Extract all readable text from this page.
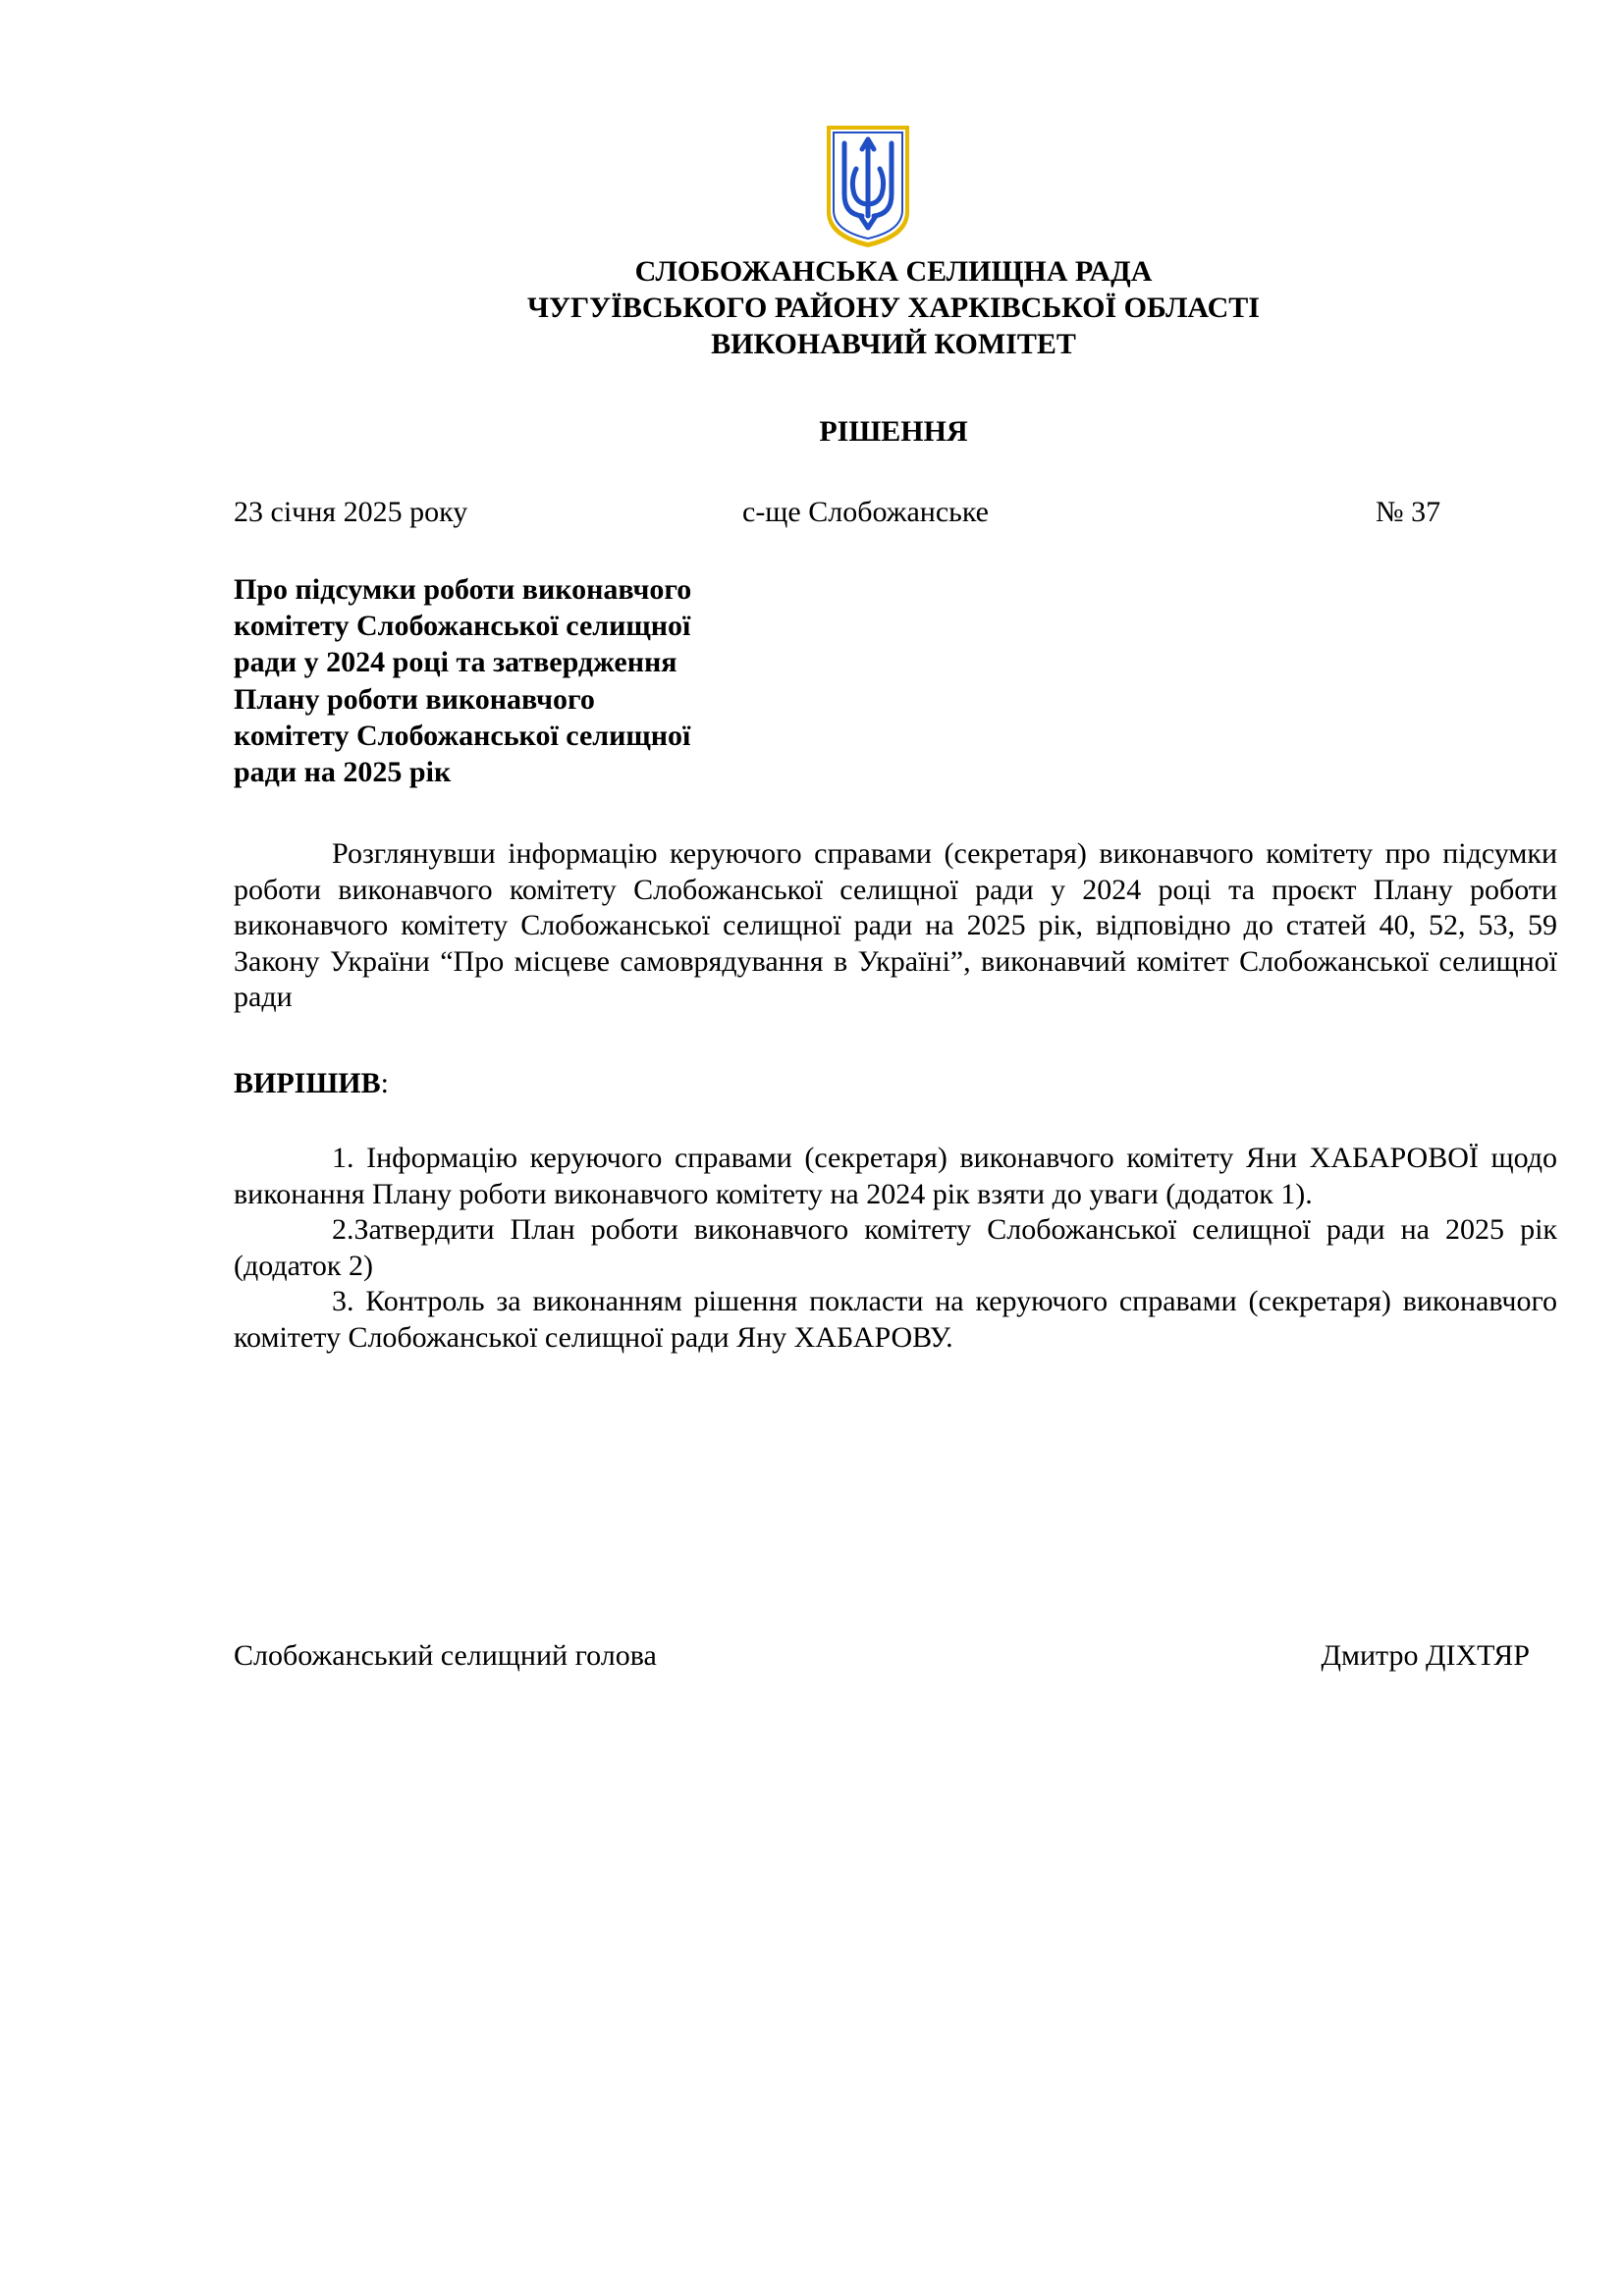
СЛОБОЖАНСЬКА СЕЛИЩНА РАДА
ЧУГУЇВСЬКОГО РАЙОНУ ХАРКІВСЬКОЇ ОБЛАСТІ
ВИКОНАВЧИЙ КОМІТЕТ
РІШЕННЯ
23 січня 2025 року	с-ще Слобожанське	№ 37
Про підсумки роботи виконавчого
комітету Слобожанської селищної
ради у 2024 році та затвердження
Плану роботи виконавчого
комітету Слобожанської селищної
ради на 2025 рік

Розглянувши інформацію керуючого справами (секретаря) виконавчого комітету про підсумки роботи виконавчого комітету Слобожанської селищної ради у 2024 році та проєкт Плану роботи виконавчого комітету Слобожанської селищної ради на 2025 рік, відповідно до статей 40, 52, 53, 59 Закону України “Про місцеве самоврядування в Україні”, виконавчий комітет Слобожанської селищної ради

ВИРІШИВ:

1. Інформацію керуючого справами (секретаря) виконавчого комітету Яни ХАБАРОВОЇ щодо виконання Плану роботи виконавчого комітету на 2024 рік взяти до уваги (додаток 1).

2.Затвердити План роботи виконавчого комітету Слобожанської селищної ради на 2025 рік (додаток 2)

3. Контроль за виконанням рішення покласти на керуючого справами (секретаря) виконавчого комітету Слобожанської селищної ради Яну ХАБАРОВУ.

Слобожанський селищний голова	Дмитро ДІХТЯР
